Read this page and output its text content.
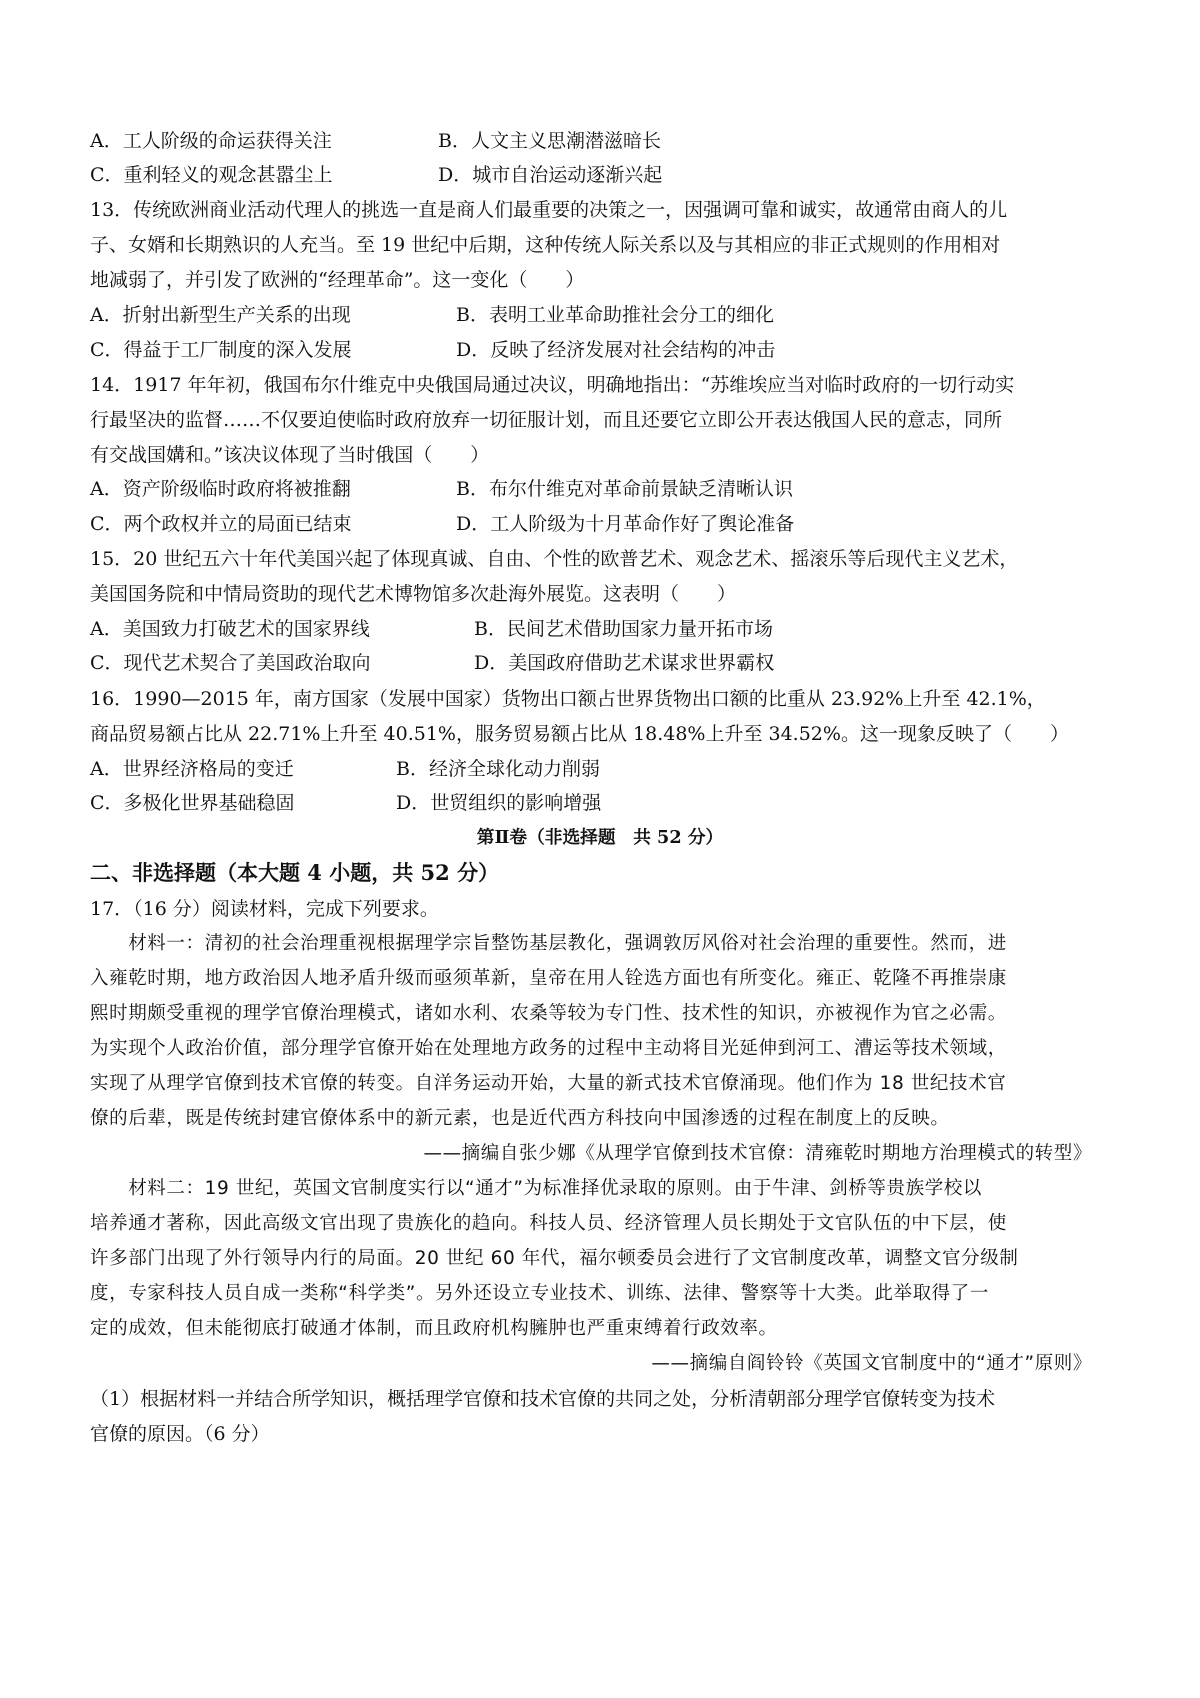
A．工人阶级的命运获得关注	B．人文主义思潮潜滋暗长
C．重利轻义的观念甚嚣尘上	D．城市自治运动逐渐兴起
13．传统欧洲商业活动代理人的挑选一直是商人们最重要的决策之一，因强调可靠和诚实，故通常由商人的儿
子、女婿和长期熟识的人充当。至 19 世纪中后期，这种传统人际关系以及与其相应的非正式规则的作用相对
地减弱了，并引发了欧洲的“经理革命”。这一变化（　　）
A．折射出新型生产关系的出现	B．表明工业革命助推社会分工的细化
C．得益于工厂制度的深入发展	D．反映了经济发展对社会结构的冲击
14．1917 年年初，俄国布尔什维克中央俄国局通过决议，明确地指出：“苏维埃应当对临时政府的一切行动实
行最坚决的监督……不仅要迫使临时政府放弃一切征服计划，而且还要它立即公开表达俄国人民的意志，同所
有交战国媾和。”该决议体现了当时俄国（　　）
A．资产阶级临时政府将被推翻	B．布尔什维克对革命前景缺乏清晰认识
C．两个政权并立的局面已结束	D．工人阶级为十月革命作好了舆论准备
15．20 世纪五六十年代美国兴起了体现真诚、自由、个性的欧普艺术、观念艺术、摇滚乐等后现代主义艺术，
美国国务院和中情局资助的现代艺术博物馆多次赴海外展览。这表明（　　）
A．美国致力打破艺术的国家界线	B．民间艺术借助国家力量开拓市场
C．现代艺术契合了美国政治取向	D．美国政府借助艺术谋求世界霸权
16．1990—2015 年，南方国家（发展中国家）货物出口额占世界货物出口额的比重从 23.92%上升至 42.1%，
商品贸易额占比从 22.71%上升至 40.51%，服务贸易额占比从 18.48%上升至 34.52%。这一现象反映了（　　）
A．世界经济格局的变迁	B．经济全球化动力削弱
C．多极化世界基础稳固	D．世贸组织的影响增强
第Ⅱ卷（非选择题　共 52 分）
二、非选择题（本大题 4 小题，共 52 分）
17．（16 分）阅读材料，完成下列要求。
　　材料一：清初的社会治理重视根据理学宗旨整饬基层教化，强调敦厉风俗对社会治理的重要性。然而，进
入雍乾时期，地方政治因人地矛盾升级而亟须革新，皇帝在用人铨选方面也有所变化。雍正、乾隆不再推崇康
熙时期颇受重视的理学官僚治理模式，诸如水利、农桑等较为专门性、技术性的知识，亦被视作为官之必需。
为实现个人政治价值，部分理学官僚开始在处理地方政务的过程中主动将目光延伸到河工、漕运等技术领域，
实现了从理学官僚到技术官僚的转变。自洋务运动开始，大量的新式技术官僚涌现。他们作为 18 世纪技术官
僚的后辈，既是传统封建官僚体系中的新元素，也是近代西方科技向中国渗透的过程在制度上的反映。
——摘编自张少娜《从理学官僚到技术官僚：清雍乾时期地方治理模式的转型》
　　材料二：19 世纪，英国文官制度实行以“通才”为标准择优录取的原则。由于牛津、剑桥等贵族学校以
培养通才著称，因此高级文官出现了贵族化的趋向。科技人员、经济管理人员长期处于文官队伍的中下层，使
许多部门出现了外行领导内行的局面。20 世纪 60 年代，福尔顿委员会进行了文官制度改革，调整文官分级制
度，专家科技人员自成一类称“科学类”。另外还设立专业技术、训练、法律、警察等十大类。此举取得了一
定的成效，但未能彻底打破通才体制，而且政府机构臃肿也严重束缚着行政效率。
——摘编自阎铃铃《英国文官制度中的“通才”原则》
（1）根据材料一并结合所学知识，概括理学官僚和技术官僚的共同之处，分析清朝部分理学官僚转变为技术
官僚的原因。（6 分）
